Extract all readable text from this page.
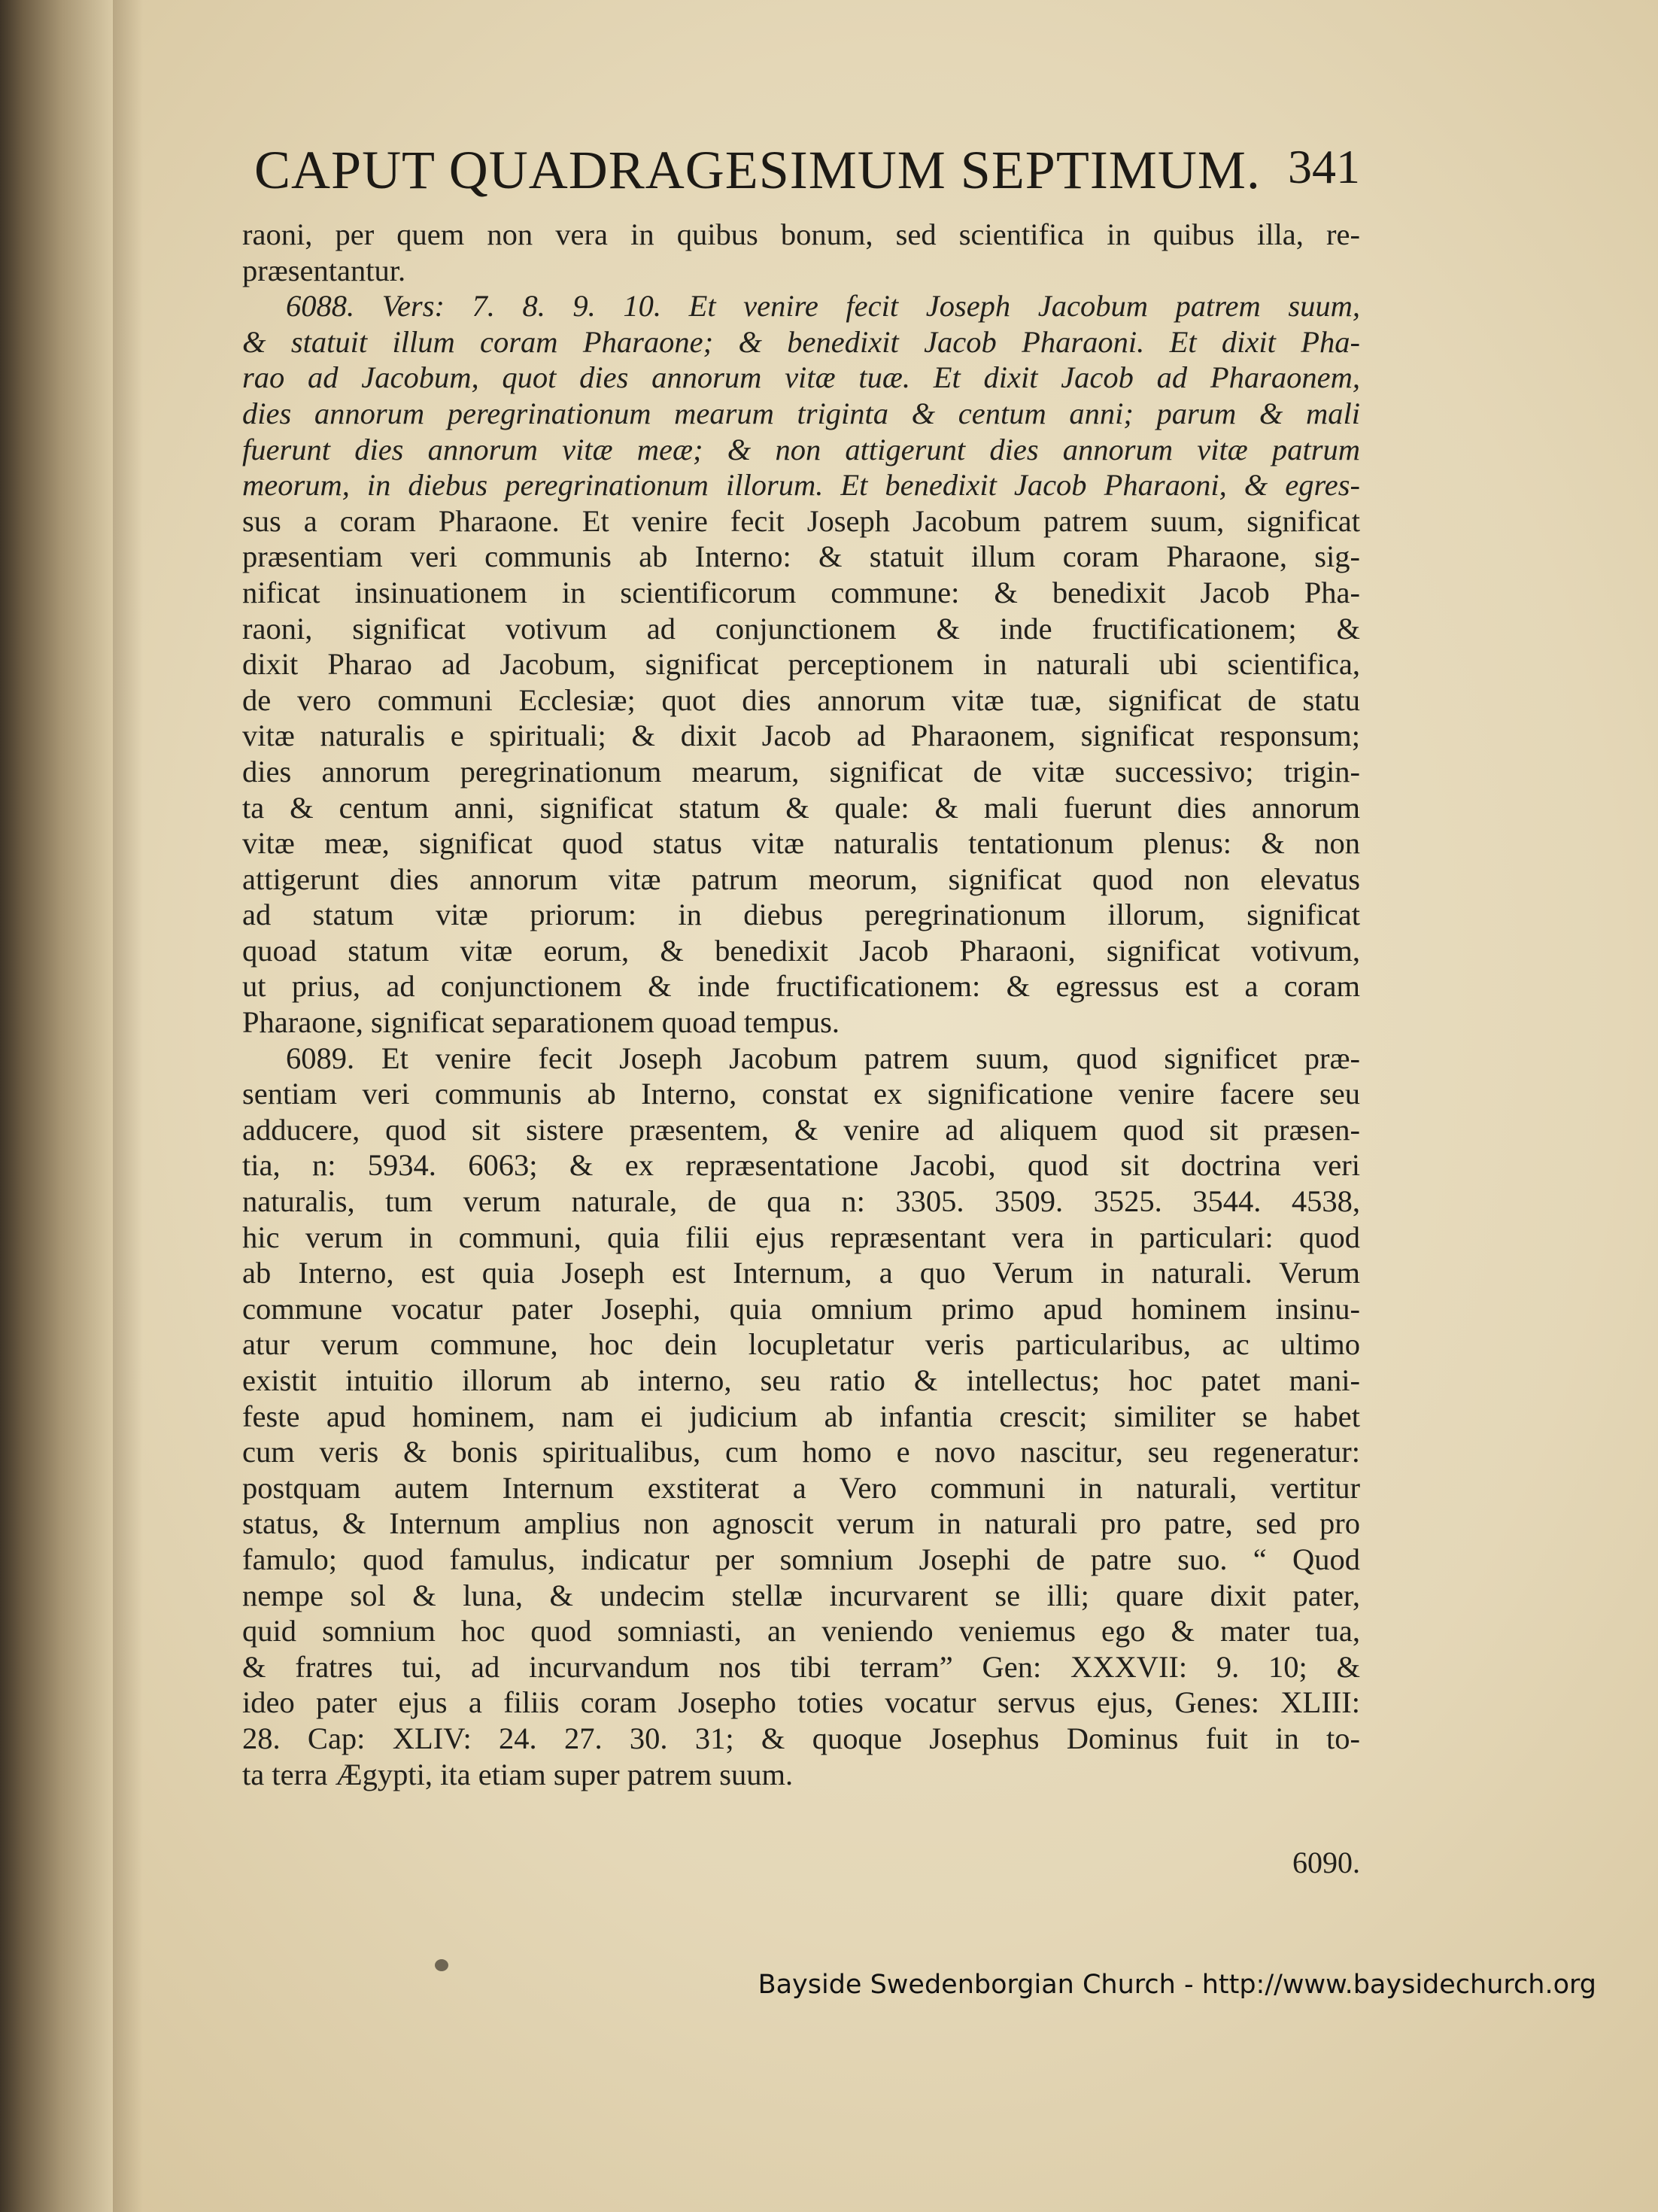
CAPUT QUADRAGESIMUM SEPTIMUM. 341
raoni, per quem non vera in quibus bonum, sed scientifica in quibus illa, re-
præsentantur.
6088. Vers: 7. 8. 9. 10. Et venire fecit Joseph Jacobum patrem suum,
& statuit illum coram Pharaone; & benedixit Jacob Pharaoni. Et dixit Pha-
rao ad Jacobum, quot dies annorum vitæ tuæ. Et dixit Jacob ad Pharaonem,
dies annorum peregrinationum mearum triginta & centum anni; parum & mali
fuerunt dies annorum vitæ meæ; & non attigerunt dies annorum vitæ patrum
meorum, in diebus peregrinationum illorum. Et benedixit Jacob Pharaoni, & egres-
sus a coram Pharaone. Et venire fecit Joseph Jacobum patrem suum, significat
præsentiam veri communis ab Interno: & statuit illum coram Pharaone, sig-
nificat insinuationem in scientificorum commune: & benedixit Jacob Pha-
raoni, significat votivum ad conjunctionem & inde fructificationem; &
dixit Pharao ad Jacobum, significat perceptionem in naturali ubi scientifica,
de vero communi Ecclesiæ; quot dies annorum vitæ tuæ, significat de statu
vitæ naturalis e spirituali; & dixit Jacob ad Pharaonem, significat responsum;
dies annorum peregrinationum mearum, significat de vitæ successivo; trigin-
ta & centum anni, significat statum & quale: & mali fuerunt dies annorum
vitæ meæ, significat quod status vitæ naturalis tentationum plenus: & non
attigerunt dies annorum vitæ patrum meorum, significat quod non elevatus
ad statum vitæ priorum: in diebus peregrinationum illorum, significat
quoad statum vitæ eorum, & benedixit Jacob Pharaoni, significat votivum,
ut prius, ad conjunctionem & inde fructificationem: & egressus est a coram
Pharaone, significat separationem quoad tempus.
6089. Et venire fecit Joseph Jacobum patrem suum, quod significet præ-
sentiam veri communis ab Interno, constat ex significatione venire facere seu
adducere, quod sit sistere præsentem, & venire ad aliquem quod sit præsen-
tia, n: 5934. 6063; & ex repræsentatione Jacobi, quod sit doctrina veri
naturalis, tum verum naturale, de qua n: 3305. 3509. 3525. 3544. 4538,
hic verum in communi, quia filii ejus repræsentant vera in particulari: quod
ab Interno, est quia Joseph est Internum, a quo Verum in naturali. Verum
commune vocatur pater Josephi, quia omnium primo apud hominem insinu-
atur verum commune, hoc dein locupletatur veris particularibus, ac ultimo
existit intuitio illorum ab interno, seu ratio & intellectus; hoc patet mani-
feste apud hominem, nam ei judicium ab infantia crescit; similiter se habet
cum veris & bonis spiritualibus, cum homo e novo nascitur, seu regeneratur:
postquam autem Internum exstiterat a Vero communi in naturali, vertitur
status, & Internum amplius non agnoscit verum in naturali pro patre, sed pro
famulo; quod famulus, indicatur per somnium Josephi de patre suo. “ Quod
nempe sol & luna, & undecim stellæ incurvarent se illi; quare dixit pater,
quid somnium hoc quod somniasti, an veniendo veniemus ego & mater tua,
& fratres tui, ad incurvandum nos tibi terram” Gen: XXXVII: 9. 10; &
ideo pater ejus a filiis coram Josepho toties vocatur servus ejus, Genes: XLIII:
28. Cap: XLIV: 24. 27. 30. 31; & quoque Josephus Dominus fuit in to-
ta terra Ægypti, ita etiam super patrem suum.
6090.
Bayside Swedenborgian Church - http://www.baysidechurch.org
